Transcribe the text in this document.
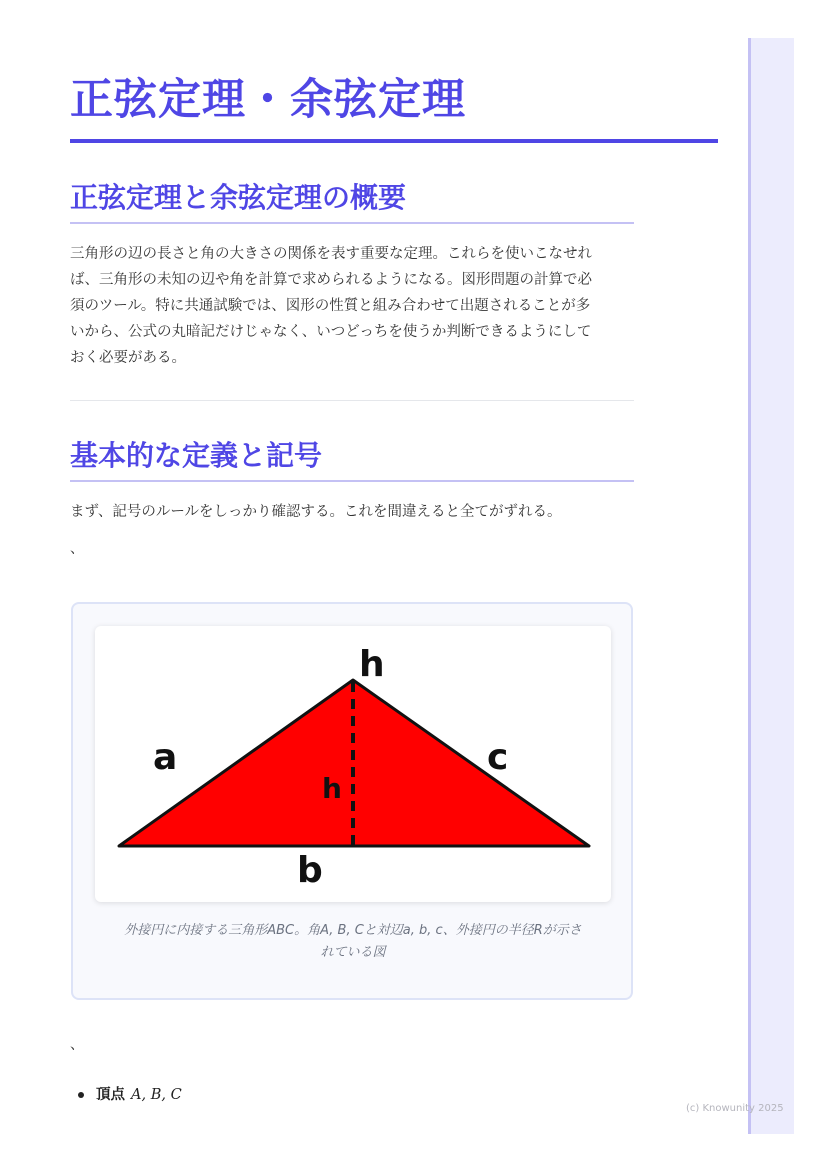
正弦定理・余弦定理
正弦定理と余弦定理の概要
三角形の辺の長さと角の大きさの関係を表す重要な定理。これらを使いこなせれ
ば、三角形の未知の辺や角を計算で求められるようになる。図形問題の計算で必
須のツール。特に共通試験では、図形の性質と組み合わせて出題されることが多
いから、公式の丸暗記だけじゃなく、いつどっちを使うか判断できるようにして
おく必要がある。
基本的な定義と記号

まず、記号のルールをしっかり確認する。これを間違えると全てがずれる。

、
h
a	c
h
b
外接円に内接する三角形ABC。角A, B, Cと対辺a, b, c、外接円の半径Rが示さ
れている図
、
頂点 A, B, C
(c) Knowunity 2025
